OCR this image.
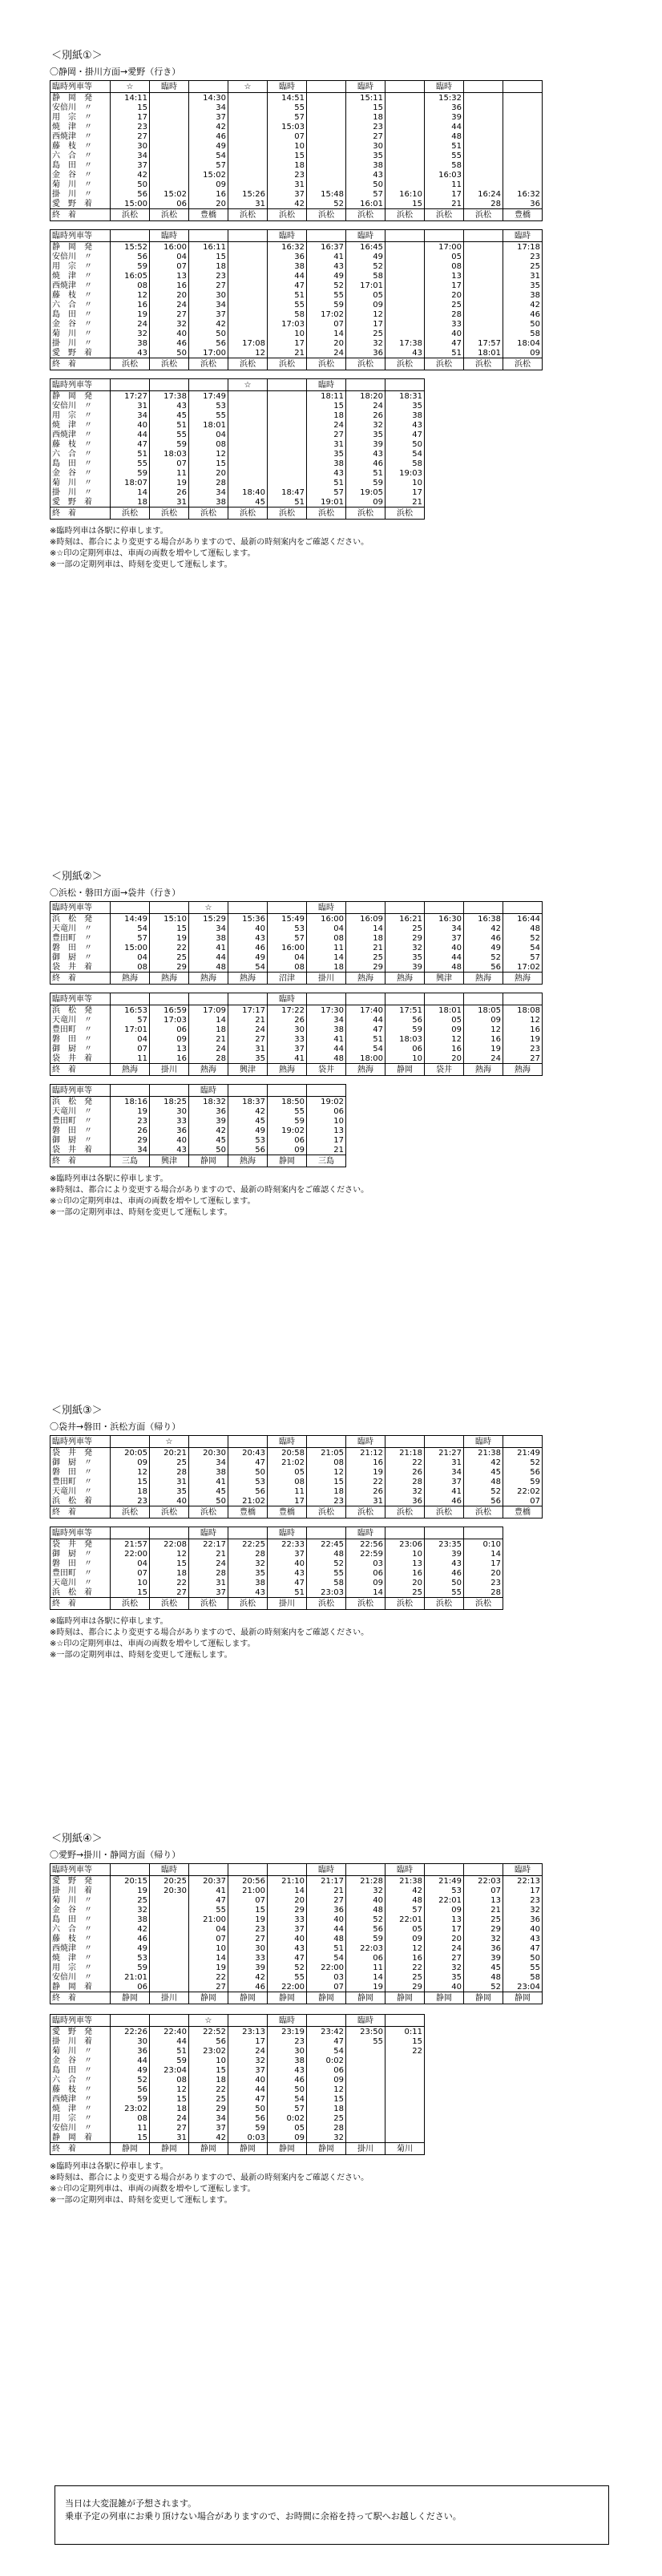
＜別紙①＞
〇静岡・掛川方面→愛野（行き）
臨時列車等	☆	臨時		☆	臨時		臨時		臨時		
静　岡　発	14:11		14:30		14:51		15:11		15:32		
安倍川　〃	15		34		55		15		36		
用　宗　〃	17		37		57		18		39		
焼　津　〃	23		42		15:03		23		44		
西焼津　〃	27		46		07		27		48		
藤　枝　〃	30		49		10		30		51		
六　合　〃	34		54		15		35		55		
島　田　〃	37		57		18		38		58		
金　谷　〃	42		15:02		23		43		16:03		
菊　川　〃	50		09		31		50		11		
掛　川　〃	56	15:02	16	15:26	37	15:48	57	16:10	17	16:24	16:32
愛　野　着	15:00	06	20	31	42	52	16:01	15	21	28	36
終　着	浜松	浜松	豊橋	浜松	浜松	浜松	浜松	浜松	浜松	浜松	豊橋
臨時列車等		臨時			臨時		臨時				臨時
静　岡　発	15:52	16:00	16:11		16:32	16:37	16:45		17:00		17:18
安倍川　〃	56	04	15		36	41	49		05		23
用　宗　〃	59	07	18		38	43	52		08		25
焼　津　〃	16:05	13	23		44	49	58		13		31
西焼津　〃	08	16	27		47	52	17:01		17		35
藤　枝　〃	12	20	30		51	55	05		20		38
六　合　〃	16	24	34		55	59	09		25		42
島　田　〃	19	27	37		58	17:02	12		28		46
金　谷　〃	24	32	42		17:03	07	17		33		50
菊　川　〃	32	40	50		10	14	25		40		58
掛　川　〃	38	46	56	17:08	17	20	32	17:38	47	17:57	18:04
愛　野　着	43	50	17:00	12	21	24	36	43	51	18:01	09
終　着	浜松	浜松	浜松	浜松	浜松	浜松	浜松	浜松	浜松	浜松	浜松
臨時列車等				☆		臨時		
静　岡　発	17:27	17:38	17:49			18:11	18:20	18:31
安倍川　〃	31	43	53			15	24	35
用　宗　〃	34	45	55			18	26	38
焼　津　〃	40	51	18:01			24	32	43
西焼津　〃	44	55	04			27	35	47
藤　枝　〃	47	59	08			31	39	50
六　合　〃	51	18:03	12			35	43	54
島　田　〃	55	07	15			38	46	58
金　谷　〃	59	11	20			43	51	19:03
菊　川　〃	18:07	19	28			51	59	10
掛　川　〃	14	26	34	18:40	18:47	57	19:05	17
愛　野　着	18	31	38	45	51	19:01	09	21
終　着	浜松	浜松	浜松	浜松	浜松	浜松	浜松	浜松
※臨時列車は各駅に停車します。
※時刻は、都合により変更する場合がありますので、最新の時刻案内をご確認ください。
※☆印の定期列車は、車両の両数を増やして運転します。
※一部の定期列車は、時刻を変更して運転します。
＜別紙②＞
〇浜松・磐田方面→袋井（行き）
臨時列車等			☆			臨時					
浜　松　発	14:49	15:10	15:29	15:36	15:49	16:00	16:09	16:21	16:30	16:38	16:44
天竜川　〃	54	15	34	40	53	04	14	25	34	42	48
豊田町　〃	57	19	38	43	57	08	18	29	37	46	52
磐　田　〃	15:00	22	41	46	16:00	11	21	32	40	49	54
御　厨　〃	04	25	44	49	04	14	25	35	44	52	57
袋　井　着	08	29	48	54	08	18	29	39	48	56	17:02
終　着	熱海	熱海	熱海	熱海	沼津	掛川	熱海	熱海	興津	熱海	熱海
臨時列車等					臨時						
浜　松　発	16:53	16:59	17:09	17:17	17:22	17:30	17:40	17:51	18:01	18:05	18:08
天竜川　〃	57	17:03	14	21	26	34	44	56	05	09	12
豊田町　〃	17:01	06	18	24	30	38	47	59	09	12	16
磐　田　〃	04	09	21	27	33	41	51	18:03	12	16	19
御　厨　〃	07	13	24	31	37	44	54	06	16	19	23
袋　井　着	11	16	28	35	41	48	18:00	10	20	24	27
終　着	熱海	掛川	熱海	興津	熱海	袋井	熱海	静岡	袋井	熱海	熱海
臨時列車等			臨時			
浜　松　発	18:16	18:25	18:32	18:37	18:50	19:02
天竜川　〃	19	30	36	42	55	06
豊田町　〃	23	33	39	45	59	10
磐　田　〃	26	36	42	49	19:02	13
御　厨　〃	29	40	45	53	06	17
袋　井　着	34	43	50	56	09	21
終　着	三島	興津	静岡	熱海	静岡	三島
※臨時列車は各駅に停車します。
※時刻は、都合により変更する場合がありますので、最新の時刻案内をご確認ください。
※☆印の定期列車は、車両の両数を増やして運転します。
※一部の定期列車は、時刻を変更して運転します。
＜別紙③＞
〇袋井→磐田・浜松方面（帰り）
臨時列車等		☆			臨時		臨時			臨時	
袋　井　発	20:05	20:21	20:30	20:43	20:58	21:05	21:12	21:18	21:27	21:38	21:49
御　厨　〃	09	25	34	47	21:02	08	16	22	31	42	52
磐　田　〃	12	28	38	50	05	12	19	26	34	45	56
豊田町　〃	15	31	41	53	08	15	22	28	37	48	59
天竜川　〃	18	35	45	56	11	18	26	32	41	52	22:02
浜　松　着	23	40	50	21:02	17	23	31	36	46	56	07
終　着	浜松	浜松	浜松	豊橋	豊橋	浜松	浜松	浜松	浜松	浜松	豊橋
臨時列車等			臨時		臨時		臨時			
袋　井　発	21:57	22:08	22:17	22:25	22:33	22:45	22:56	23:06	23:35	0:10
御　厨　〃	22:00	12	21	28	37	48	22:59	10	39	14
磐　田　〃	04	15	24	32	40	52	03	13	43	17
豊田町　〃	07	18	28	35	43	55	06	16	46	20
天竜川　〃	10	22	31	38	47	58	09	20	50	23
浜　松　着	15	27	37	43	51	23:03	14	25	55	28
終　着	浜松	浜松	浜松	浜松	掛川	浜松	浜松	浜松	浜松	浜松
※臨時列車は各駅に停車します。
※時刻は、都合により変更する場合がありますので、最新の時刻案内をご確認ください。
※☆印の定期列車は、車両の両数を増やして運転します。
※一部の定期列車は、時刻を変更して運転します。
＜別紙④＞
〇愛野→掛川・静岡方面（帰り）
臨時列車等		臨時				臨時		臨時			臨時
愛　野　発	20:15	20:25	20:37	20:56	21:10	21:17	21:28	21:38	21:49	22:03	22:13
掛　川　着	19	20:30	41	21:00	14	21	32	42	53	07	17
菊　川　〃	25		47	07	20	27	40	48	22:01	13	23
金　谷　〃	32		55	15	29	36	48	57	09	21	32
島　田　〃	38		21:00	19	33	40	52	22:01	13	25	36
六　合　〃	42		04	23	37	44	56	05	17	29	40
藤　枝　〃	46		07	27	40	48	59	09	20	32	43
西焼津　〃	49		10	30	43	51	22:03	12	24	36	47
焼　津　〃	53		14	33	47	54	06	16	27	39	50
用　宗　〃	59		19	39	52	22:00	11	22	32	45	55
安倍川　〃	21:01		22	42	55	03	14	25	35	48	58
静　岡　着	06		27	46	22:00	07	19	29	40	52	23:04
終　着	静岡	掛川	静岡	静岡	静岡	静岡	静岡	静岡	静岡	静岡	静岡
臨時列車等			☆		臨時		臨時	
愛　野　発	22:26	22:40	22:52	23:13	23:19	23:42	23:50	0:11
掛　川　着	30	44	56	17	23	47	55	15
菊　川　〃	36	51	23:02	24	30	54		22
金　谷　〃	44	59	10	32	38	0:02		
島　田　〃	49	23:04	15	37	43	06		
六　合　〃	52	08	18	40	46	09		
藤　枝　〃	56	12	22	44	50	12		
西焼津　〃	59	15	25	47	54	15		
焼　津　〃	23:02	18	29	50	57	18		
用　宗　〃	08	24	34	56	0:02	25		
安倍川　〃	11	27	37	59	05	28		
静　岡　着	15	31	42	0:03	09	32		
終　着	静岡	静岡	静岡	静岡	静岡	静岡	掛川	菊川
※臨時列車は各駅に停車します。
※時刻は、都合により変更する場合がありますので、最新の時刻案内をご確認ください。
※☆印の定期列車は、車両の両数を増やして運転します。
※一部の定期列車は、時刻を変更して運転します。
当日は大変混雑が予想されます。
乗車予定の列車にお乗り頂けない場合がありますので、お時間に余裕を持って駅へお越しください。
